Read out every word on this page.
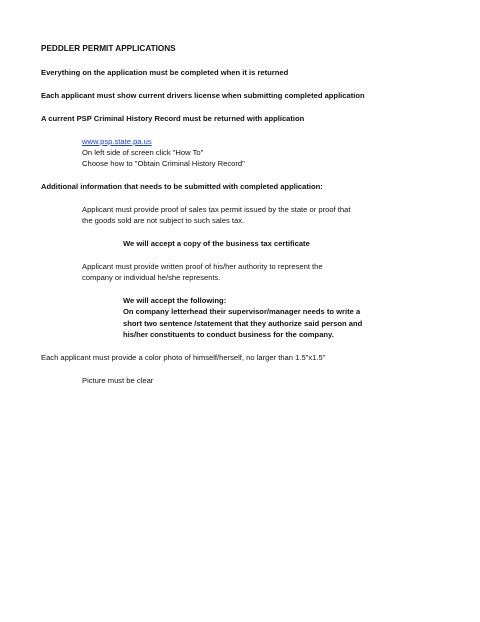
PEDDLER PERMIT APPLICATIONS

Everything on the application must be completed when it is returned

Each applicant must show current drivers license when submitting completed application

A current PSP Criminal History Record must be returned with application

www.psp.state.pa.us

On left side of screen click "How To"

Choose how to "Obtain Criminal History Record"

Additional information that needs to be submitted with completed application:

Applicant must provide proof of sales tax permit issued by the state or proof that

the goods sold are not subject to such sales tax.

We will accept a copy of the business tax certificate

Applicant must provide written proof of his/her authority to represent the

company or individual he/she represents.

We will accept the following:

On company letterhead their supervisor/manager needs to write a

short two sentence /statement that they authorize said person and

his/her constituents to conduct business for the company.

Each applicant must provide a color photo of himself/herself, no larger than 1.5"x1.5"

Picture must be clear
